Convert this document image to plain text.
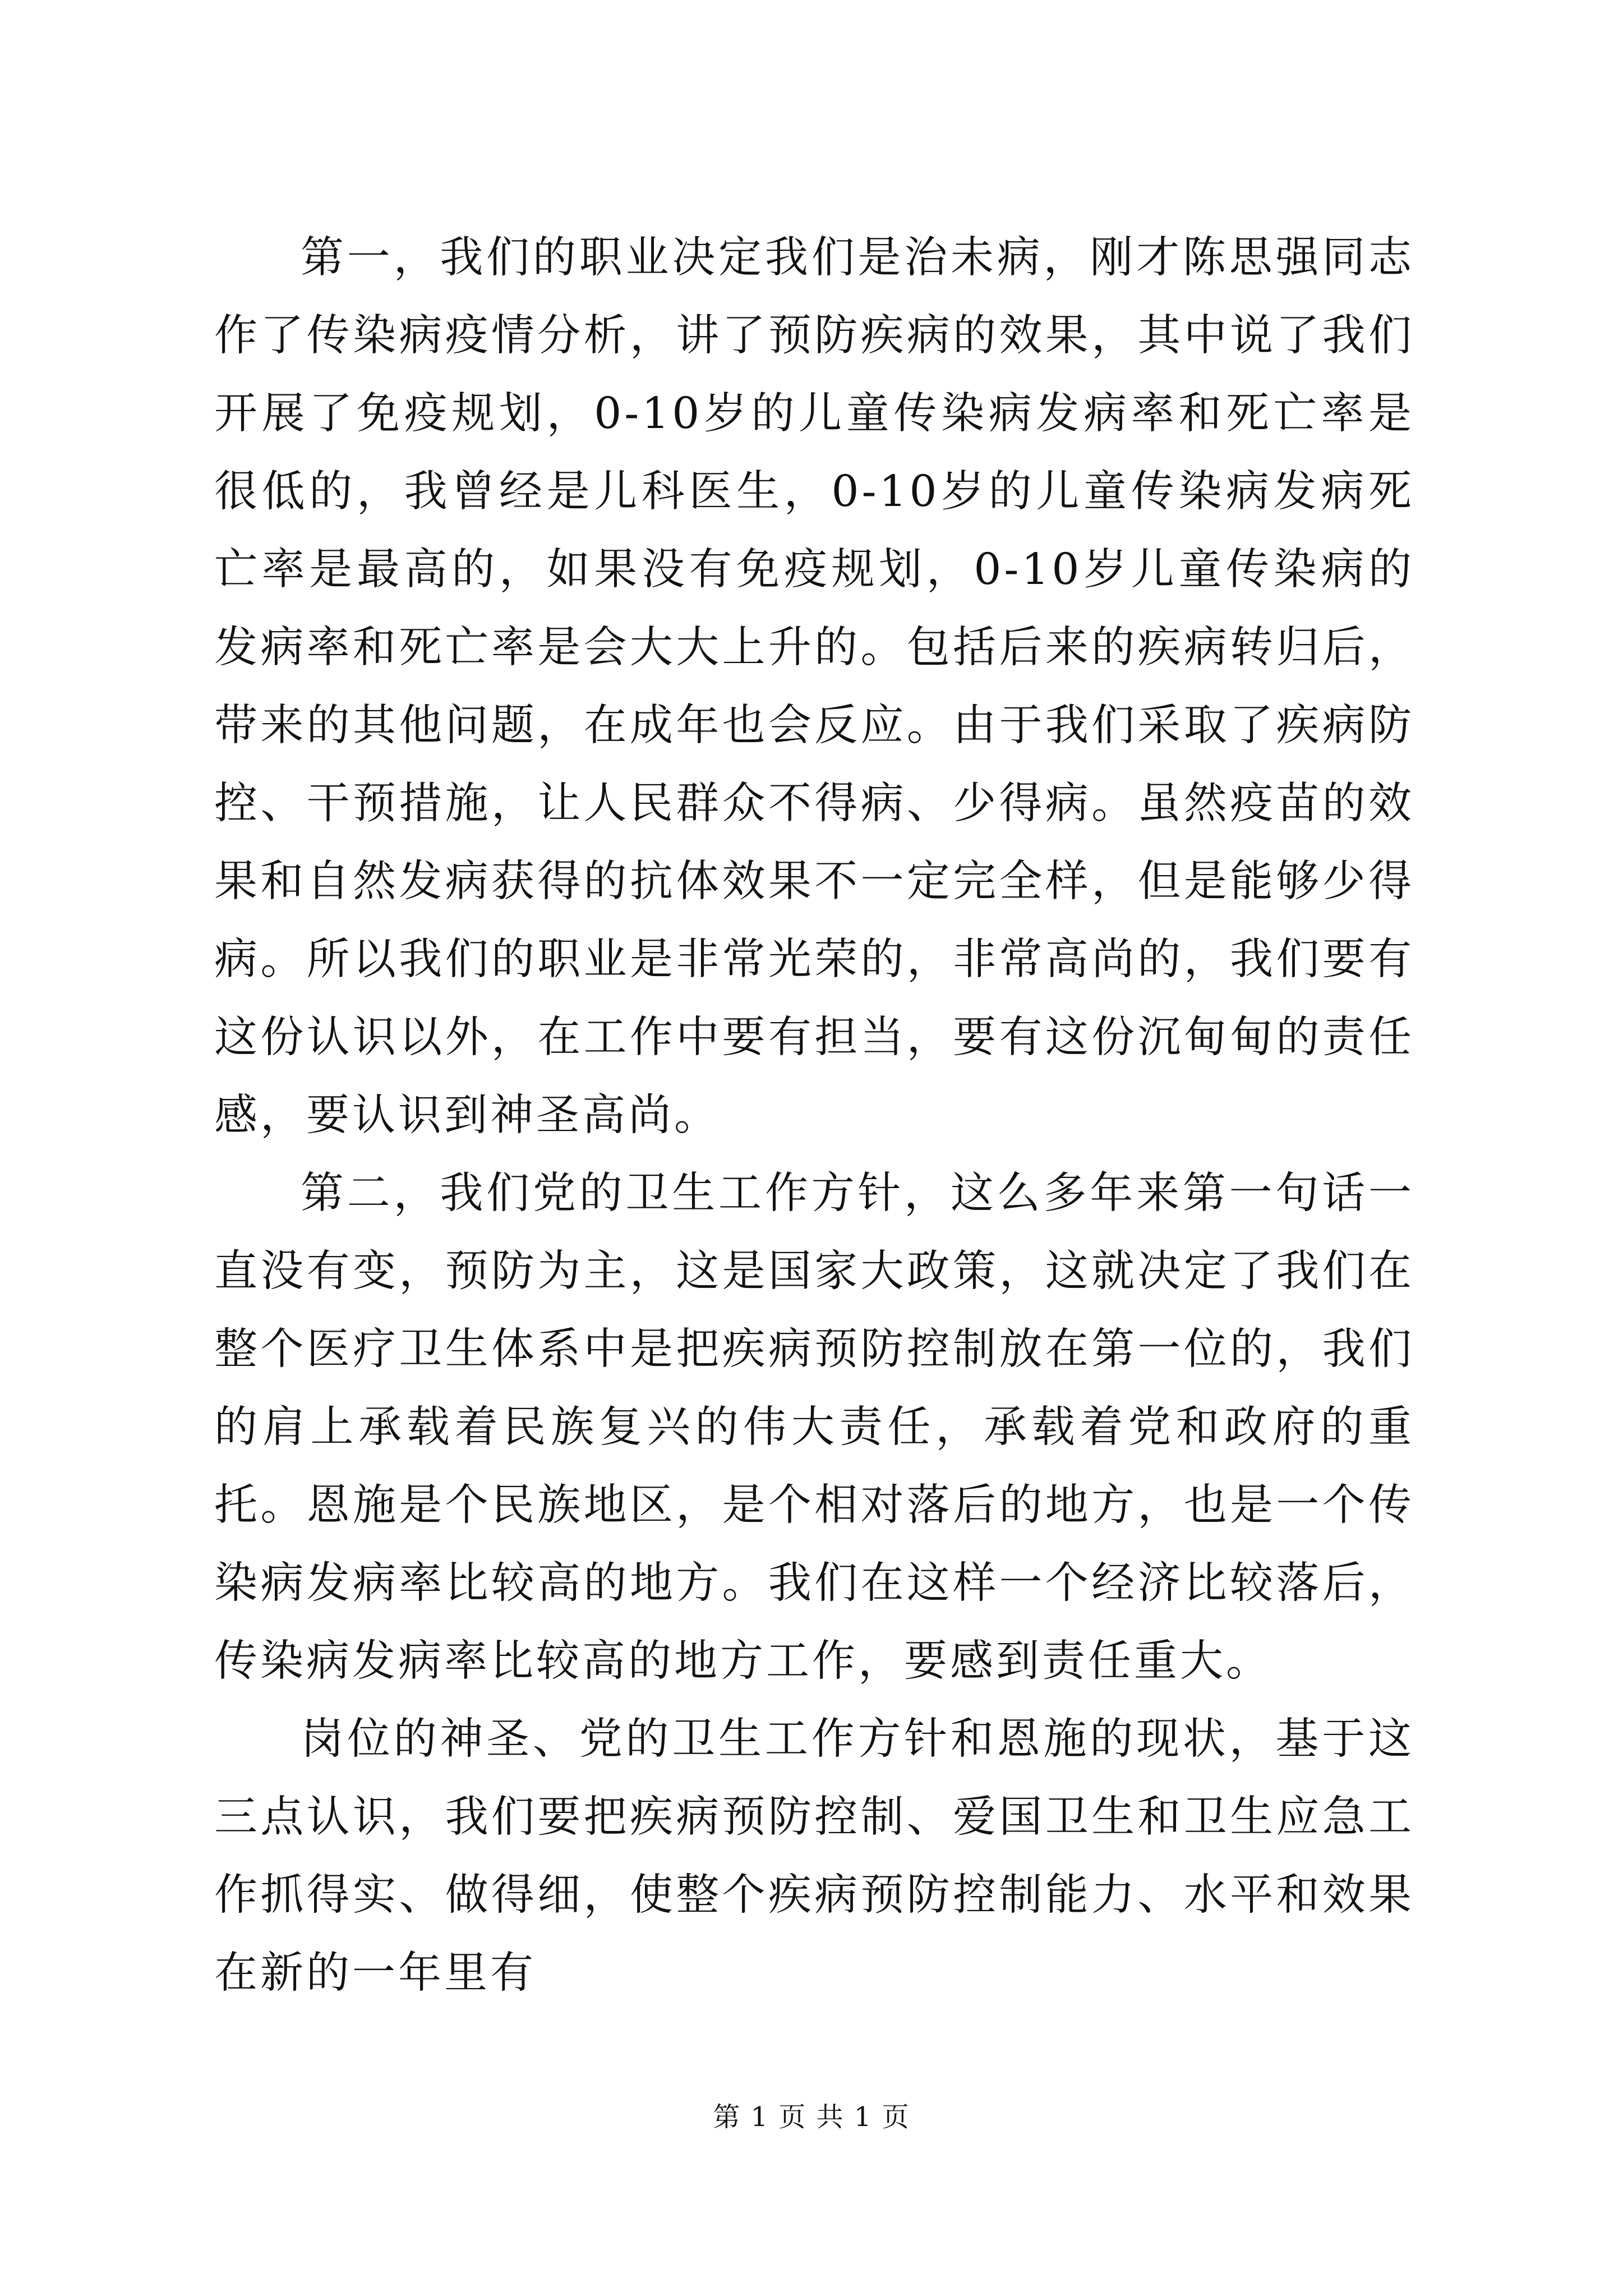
第一，我们的职业决定我们是治未病，刚才陈思强同志作了传染病疫情分析，讲了预防疾病的效果，其中说了我们开展了免疫规划，0-10岁的儿童传染病发病率和死亡率是很低的，我曾经是儿科医生，0-10岁的儿童传染病发病死亡率是最高的，如果没有免疫规划，0-10岁儿童传染病的发病率和死亡率是会大大上升的。包括后来的疾病转归后，带来的其他问题，在成年也会反应。由于我们采取了疾病防控、干预措施，让人民群众不得病、少得病。虽然疫苗的效果和自然发病获得的抗体效果不一定完全样，但是能够少得病。所以我们的职业是非常光荣的，非常高尚的，我们要有这份认识以外，在工作中要有担当，要有这份沉甸甸的责任感，要认识到神圣高尚。

第二，我们党的卫生工作方针，这么多年来第一句话一直没有变，预防为主，这是国家大政策，这就决定了我们在整个医疗卫生体系中是把疾病预防控制放在第一位的，我们的肩上承载着民族复兴的伟大责任，承载着党和政府的重托。恩施是个民族地区，是个相对落后的地方，也是一个传染病发病率比较高的地方。我们在这样一个经济比较落后，传染病发病率比较高的地方工作，要感到责任重大。

岗位的神圣、党的卫生工作方针和恩施的现状，基于这三点认识，我们要把疾病预防控制、爱国卫生和卫生应急工作抓得实、做得细，使整个疾病预防控制能力、水平和效果在新的一年里有

第 1 页 共 1 页
